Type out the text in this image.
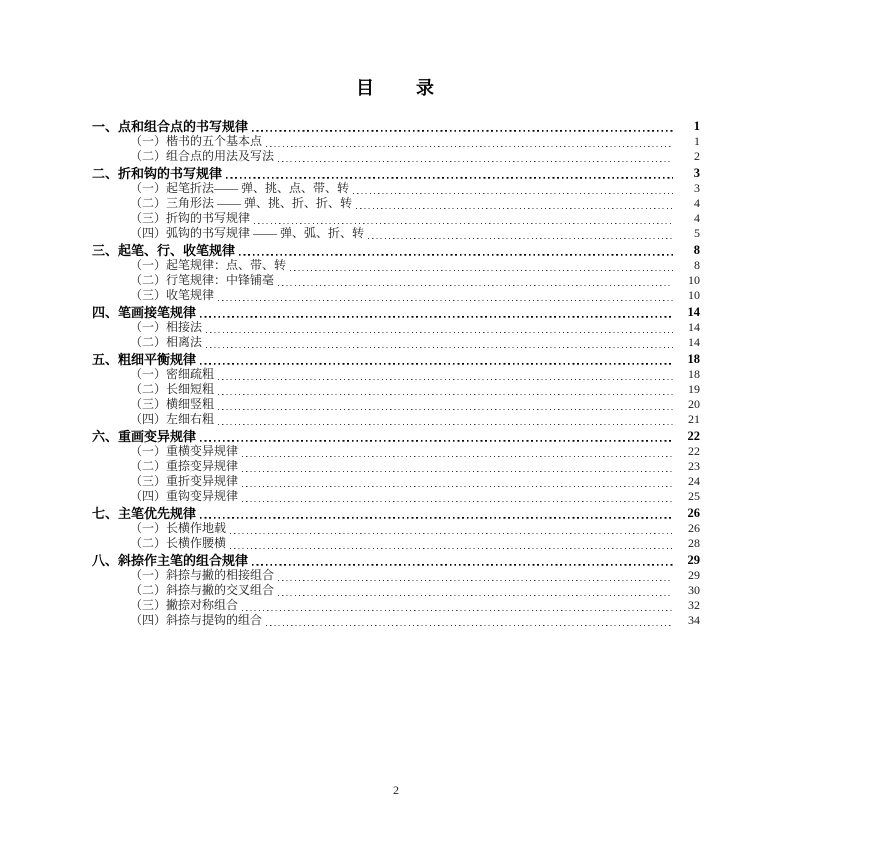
目　　录
一、点和组合点的书写规律	1
（一）楷书的五个基本点	1
（二）组合点的用法及写法	2
二、折和钩的书写规律	3
（一）起笔折法—— 弹、挑、点、带、转	3
（二）三角形法 —— 弹、挑、折、折、转	4
（三）折钩的书写规律	4
（四）弧钩的书写规律 —— 弹、弧、折、转	5
三、起笔、行、收笔规律	8
（一）起笔规律：点、带、转	8
（二）行笔规律：中锋铺毫	10
（三）收笔规律	10
四、笔画接笔规律	14
（一）相接法	14
（二）相离法	14
五、粗细平衡规律	18
（一）密细疏粗	18
（二）长细短粗	19
（三）横细竖粗	20
（四）左细右粗	21
六、重画变异规律	22
（一）重横变异规律	22
（二）重捺变异规律	23
（三）重折变异规律	24
（四）重钩变异规律	25
七、主笔优先规律	26
（一）长横作地载	26
（二）长横作腰横	28
八、斜捺作主笔的组合规律	29
（一）斜捺与撇的相接组合	29
（二）斜捺与撇的交叉组合	30
（三）撇捺对称组合	32
（四）斜捺与提钩的组合	34
2
